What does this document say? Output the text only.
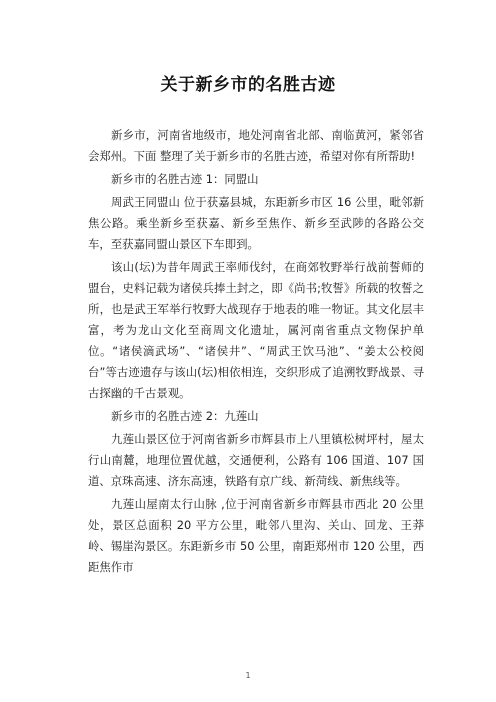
关于新乡市的名胜古迹

新乡市，河南省地级市，地处河南省北部、南临黄河，紧邻省会郑州。下面 整理了关于新乡市的名胜古迹，希望对你有所帮助!

新乡市的名胜古迹 1：同盟山

周武王同盟山 位于获嘉县城，东距新乡市区 16 公里，毗邻新焦公路。乘坐新乡至获嘉、新乡至焦作、新乡至武陟的各路公交车，至获嘉同盟山景区下车即到。

该山(坛)为昔年周武王率师伐纣，在商郊牧野举行战前誓师的盟台，史料记载为诸侯兵捧土封之，即《尚书;牧誓》所载的牧誓之所，也是武王军举行牧野大战现存于地表的唯一物证。其文化层丰富，考为龙山文化至商周文化遗址，属河南省重点文物保护单位。“诸侯滴武场”、“诸侯井”、“周武王饮马池”、“姜太公校阅台”等古迹遗存与该山(坛)相依相连，交织形成了追溯牧野战景、寻古探幽的千古景观。

新乡市的名胜古迹 2：九莲山

九莲山景区位于河南省新乡市辉县市上八里镇松树坪村，屋太行山南麓，地理位置优越，交通便利，公路有 106 国道、107 国道、京珠高速、济东高速，铁路有京广线、新菏线、新焦线等。

九莲山屋南太行山脉 ,位于河南省新乡市辉县市西北 20 公里处，景区总面积 20 平方公里，毗邻八里沟、关山、回龙、王莽岭、锡崖沟景区。东距新乡市 50 公里，南距郑州市 120 公里，西距焦作市

1
